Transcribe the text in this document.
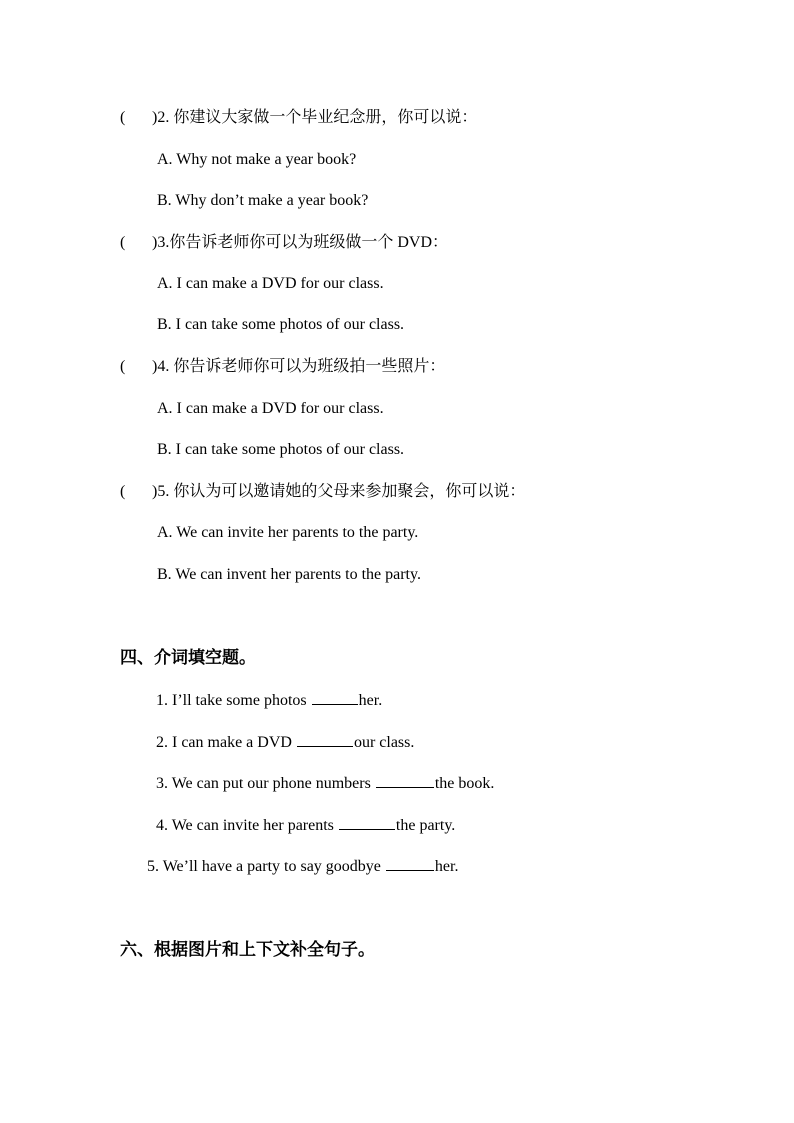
( )2. 你建议大家做一个毕业纪念册，你可以说：
A. Why not make a year book?
B. Why don’t make a year book?
( )3.你告诉老师你可以为班级做一个 DVD：
A. I can make a DVD for our class.
B. I can take some photos of our class.
( )4. 你告诉老师你可以为班级拍一些照片：
A. I can make a DVD for our class.
B. I can take some photos of our class.
( )5. 你认为可以邀请她的父母来参加聚会，你可以说：
A. We can invite her parents to the party.
B. We can invent her parents to the party.
四、介词填空题。
1. I’ll take some photos	her.
2. I can make a DVD	our class.
3. We can put our phone numbers	the book.
4. We can invite her parents	the party.
5. We’ll have a party to say goodbye	her.
六、根据图片和上下文补全句子。
